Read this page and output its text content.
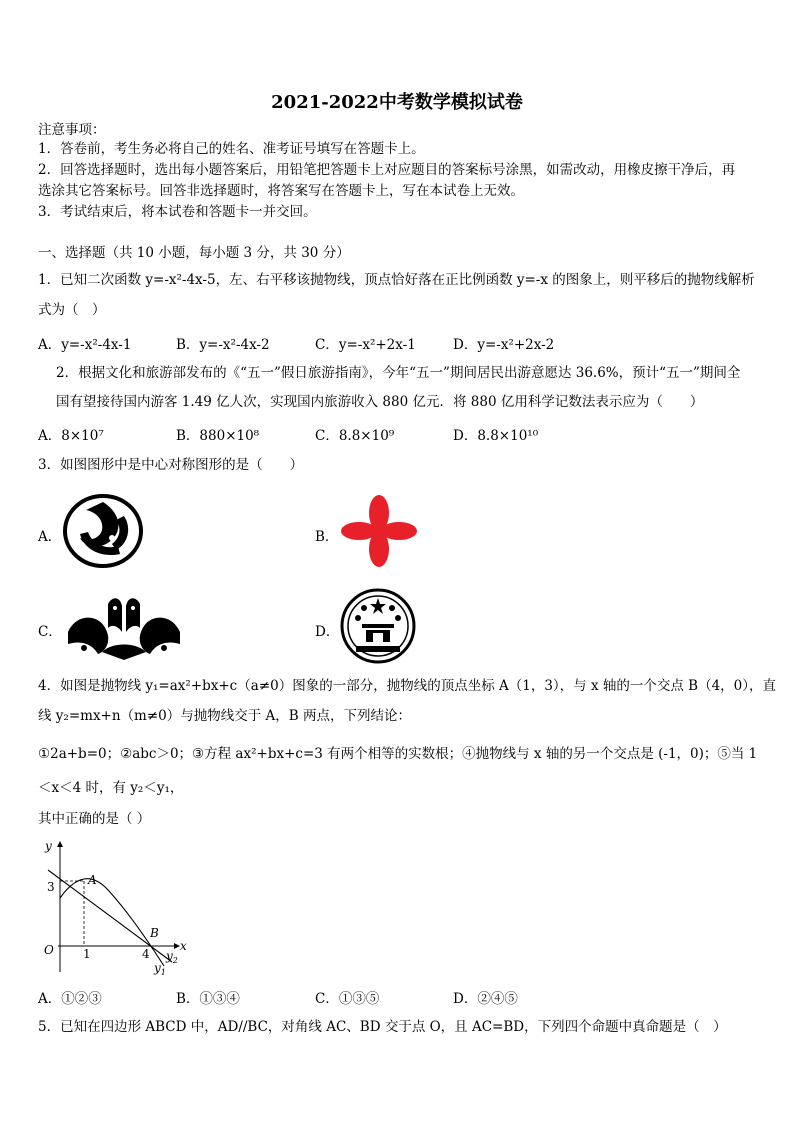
2021-2022中考数学模拟试卷
注意事项：
1．答卷前，考生务必将自己的姓名、准考证号填写在答题卡上。
2．回答选择题时，选出每小题答案后，用铅笔把答题卡上对应题目的答案标号涂黑，如需改动，用橡皮擦干净后，再
选涂其它答案标号。回答非选择题时，将答案写在答题卡上，写在本试卷上无效。
3．考试结束后，将本试卷和答题卡一并交回。
一、选择题（共 10 小题，每小题 3 分，共 30 分）
1．已知二次函数 y=-x²-4x-5，左、右平移该抛物线，顶点恰好落在正比例函数 y=-x 的图象上，则平移后的抛物线解析
式为（　）
A．y=-x²-4x-1	B．y=-x²-4x-2	C．y=-x²+2x-1	D．y=-x²+2x-2
2．根据文化和旅游部发布的《“五一”假日旅游指南》，今年“五一”期间居民出游意愿达 36.6%，预计“五一”期间全
国有望接待国内游客 1.49 亿人次，实现国内旅游收入 880 亿元．将 880 亿用科学记数法表示应为（　　）
A．8×10⁷	B．880×10⁸	C．8.8×10⁹	D．8.8×10¹⁰
3．如图图形中是中心对称图形的是（　　）
A．	B．
C．	D．
4．如图是抛物线 y₁=ax²+bx+c（a≠0）图象的一部分，抛物线的顶点坐标 A（1，3），与 x 轴的一个交点 B（4，0），直
线 y₂=mx+n（m≠0）与抛物线交于 A，B 两点，下列结论：
①2a+b=0；②abc＞0；③方程 ax²+bx+c=3 有两个相等的实数根；④抛物线与 x 轴的另一个交点是 (-1，0)；⑤当 1
＜x＜4 时，有 y₂＜y₁，
其中正确的是（ ）
y
x
3
O 1	4
A
B
$y_1$
$y_2$
A．①②③	B．①③④	C．①③⑤	D．②④⑤
5．已知在四边形 ABCD 中，AD//BC，对角线 AC、BD 交于点 O，且 AC=BD，下列四个命题中真命题是（　）
